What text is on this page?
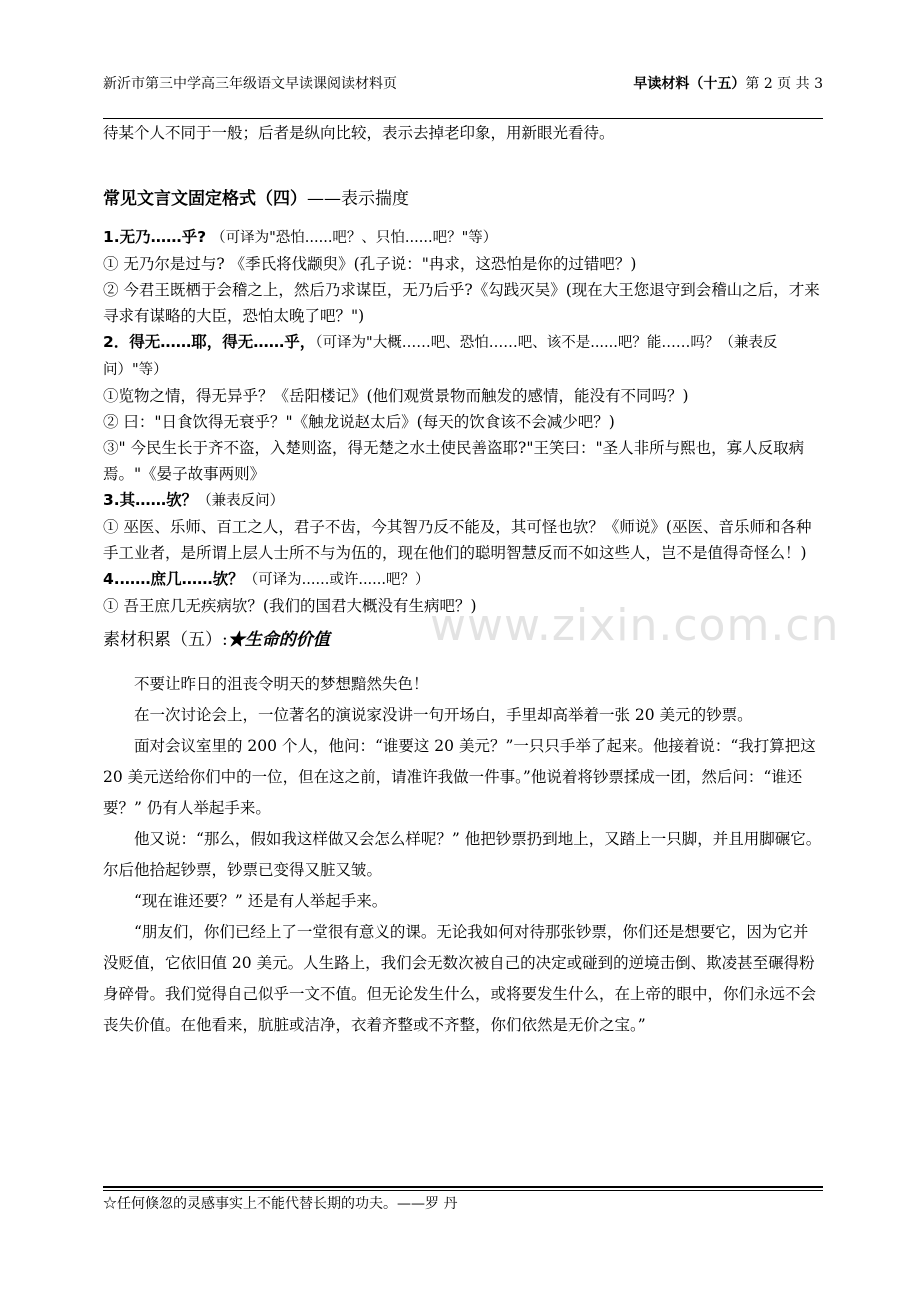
新沂市第三中学高三年级语文早读课阅读材料页	早读材料（十五）第 2 页 共 3
www.zixin.com.cn

待某个人不同于一般；后者是纵向比较，表示去掉老印象，用新眼光看待。

常见文言文固定格式（四）——表示揣度

1.无乃……乎? （可译为"恐怕......吧？、只怕......吧？"等）

① 无乃尔是过与? 《季氏将伐颛臾》(孔子说："冉求，这恐怕是你的过错吧？)

② 今君王既栖于会稽之上，然后乃求谋臣，无乃后乎?《勾践灭吴》(现在大王您退守到会稽山之后，才来寻求有谋略的大臣，恐怕太晚了吧？")

2．得无……耶，得无……乎，（可译为"大概……吧、恐怕……吧、该不是......吧？能……吗？（兼表反问）"等）

①览物之情，得无异乎？《岳阳楼记》(他们观赏景物而触发的感情，能没有不同吗？)

② 曰："日食饮得无衰乎？"《触龙说赵太后》(每天的饮食该不会减少吧？)

③" 今民生长于齐不盗，入楚则盗，得无楚之水土使民善盗耶?"王笑曰："圣人非所与熙也，寡人反取病焉。"《晏子故事两则》

3.其……欤？（兼表反问）

① 巫医、乐师、百工之人，君子不齿，今其智乃反不能及，其可怪也欤？《师说》(巫医、音乐师和各种手工业者，是所谓上层人士所不与为伍的，现在他们的聪明智慧反而不如这些人，岂不是值得奇怪么！)

4.……庶几……欤？（可译为......或许......吧？）

① 吾王庶几无疾病欤？(我们的国君大概没有生病吧？)

素材积累（五）:★生命的价值

不要让昨日的沮丧令明天的梦想黯然失色！

在一次讨论会上，一位著名的演说家没讲一句开场白，手里却高举着一张 20 美元的钞票。

面对会议室里的 200 个人，他问：“谁要这 20 美元？”一只只手举了起来。他接着说：“我打算把这 20 美元送给你们中的一位，但在这之前，请准许我做一件事。”他说着将钞票揉成一团，然后问：“谁还要？” 仍有人举起手来。

他又说：“那么，假如我这样做又会怎么样呢？” 他把钞票扔到地上，又踏上一只脚，并且用脚碾它。尔后他拾起钞票，钞票已变得又脏又皱。

“现在谁还要？” 还是有人举起手来。

“朋友们，你们已经上了一堂很有意义的课。无论我如何对待那张钞票，你们还是想要它，因为它并没贬值，它依旧值 20 美元。人生路上，我们会无数次被自己的决定或碰到的逆境击倒、欺凌甚至碾得粉身碎骨。我们觉得自己似乎一文不值。但无论发生什么，或将要发生什么，在上帝的眼中，你们永远不会丧失价值。在他看来，肮脏或洁净，衣着齐整或不齐整，你们依然是无价之宝。”

☆任何倏忽的灵感事实上不能代替长期的功夫。——罗 丹
